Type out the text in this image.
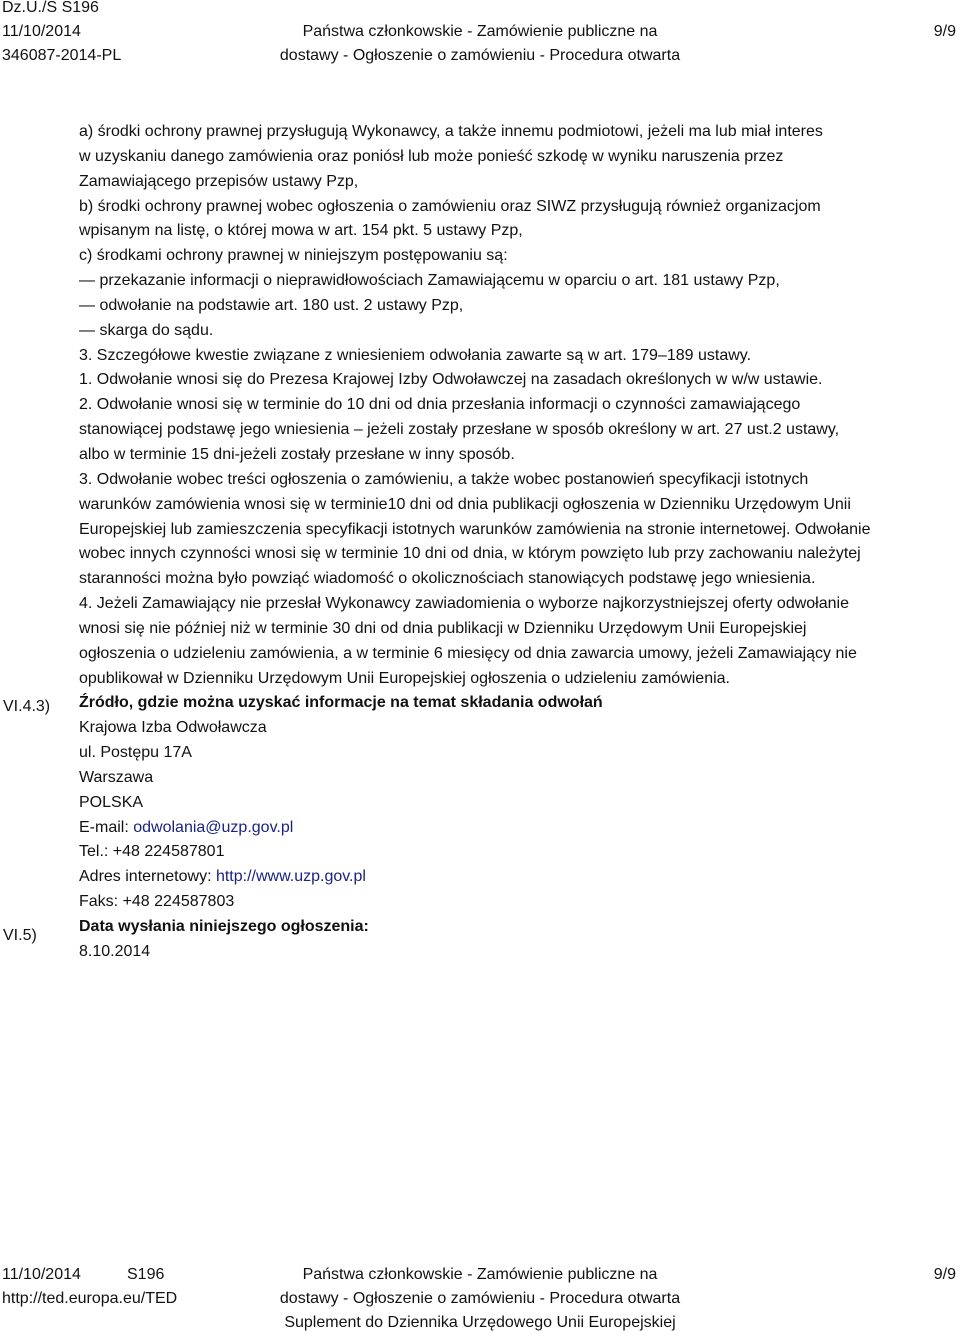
Dz.U./S S196
11/10/2014
346087-2014-PL
Państwa członkowskie - Zamówienie publiczne na
dostawy - Ogłoszenie o zamówieniu - Procedura otwarta
9/9
VI.4.3)
VI.5)
a) środki ochrony prawnej przysługują Wykonawcy, a także innemu podmiotowi, jeżeli ma lub miał interes
w uzyskaniu danego zamówienia oraz poniósł lub może ponieść szkodę w wyniku naruszenia przez
Zamawiającego przepisów ustawy Pzp,
b) środki ochrony prawnej wobec ogłoszenia o zamówieniu oraz SIWZ przysługują również organizacjom
wpisanym na listę, o której mowa w art. 154 pkt. 5 ustawy Pzp,
c) środkami ochrony prawnej w niniejszym postępowaniu są:
— przekazanie informacji o nieprawidłowościach Zamawiającemu w oparciu o art. 181 ustawy Pzp,
— odwołanie na podstawie art. 180 ust. 2 ustawy Pzp,
— skarga do sądu.
3. Szczegółowe kwestie związane z wniesieniem odwołania zawarte są w art. 179–189 ustawy.
1. Odwołanie wnosi się do Prezesa Krajowej Izby Odwoławczej na zasadach określonych w w/w ustawie.
2. Odwołanie wnosi się w terminie do 10 dni od dnia przesłania informacji o czynności zamawiającego
stanowiącej podstawę jego wniesienia – jeżeli zostały przesłane w sposób określony w art. 27 ust.2 ustawy,
albo w terminie 15 dni-jeżeli zostały przesłane w inny sposób.
3. Odwołanie wobec treści ogłoszenia o zamówieniu, a także wobec postanowień specyfikacji istotnych
warunków zamówienia wnosi się w terminie10 dni od dnia publikacji ogłoszenia w Dzienniku Urzędowym Unii
Europejskiej lub zamieszczenia specyfikacji istotnych warunków zamówienia na stronie internetowej. Odwołanie
wobec innych czynności wnosi się w terminie 10 dni od dnia, w którym powzięto lub przy zachowaniu należytej
staranności można było powziąć wiadomość o okolicznościach stanowiących podstawę jego wniesienia.
4. Jeżeli Zamawiający nie przesłał Wykonawcy zawiadomienia o wyborze najkorzystniejszej oferty odwołanie
wnosi się nie później niż w terminie 30 dni od dnia publikacji w Dzienniku Urzędowym Unii Europejskiej
ogłoszenia o udzieleniu zamówienia, a w terminie 6 miesięcy od dnia zawarcia umowy, jeżeli Zamawiający nie
opublikował w Dzienniku Urzędowym Unii Europejskiej ogłoszenia o udzieleniu zamówienia.
Źródło, gdzie można uzyskać informacje na temat składania odwołań
Krajowa Izba Odwoławcza
ul. Postępu 17A
Warszawa
POLSKA
E-mail: odwolania@uzp.gov.pl
Tel.: +48 224587801
Adres internetowy: http://www.uzp.gov.pl
Faks: +48 224587803
Data wysłania niniejszego ogłoszenia:
8.10.2014
11/10/2014	S196
http://ted.europa.eu/TED
Państwa członkowskie - Zamówienie publiczne na
dostawy - Ogłoszenie o zamówieniu - Procedura otwarta
Suplement do Dziennika Urzędowego Unii Europejskiej
9/9
